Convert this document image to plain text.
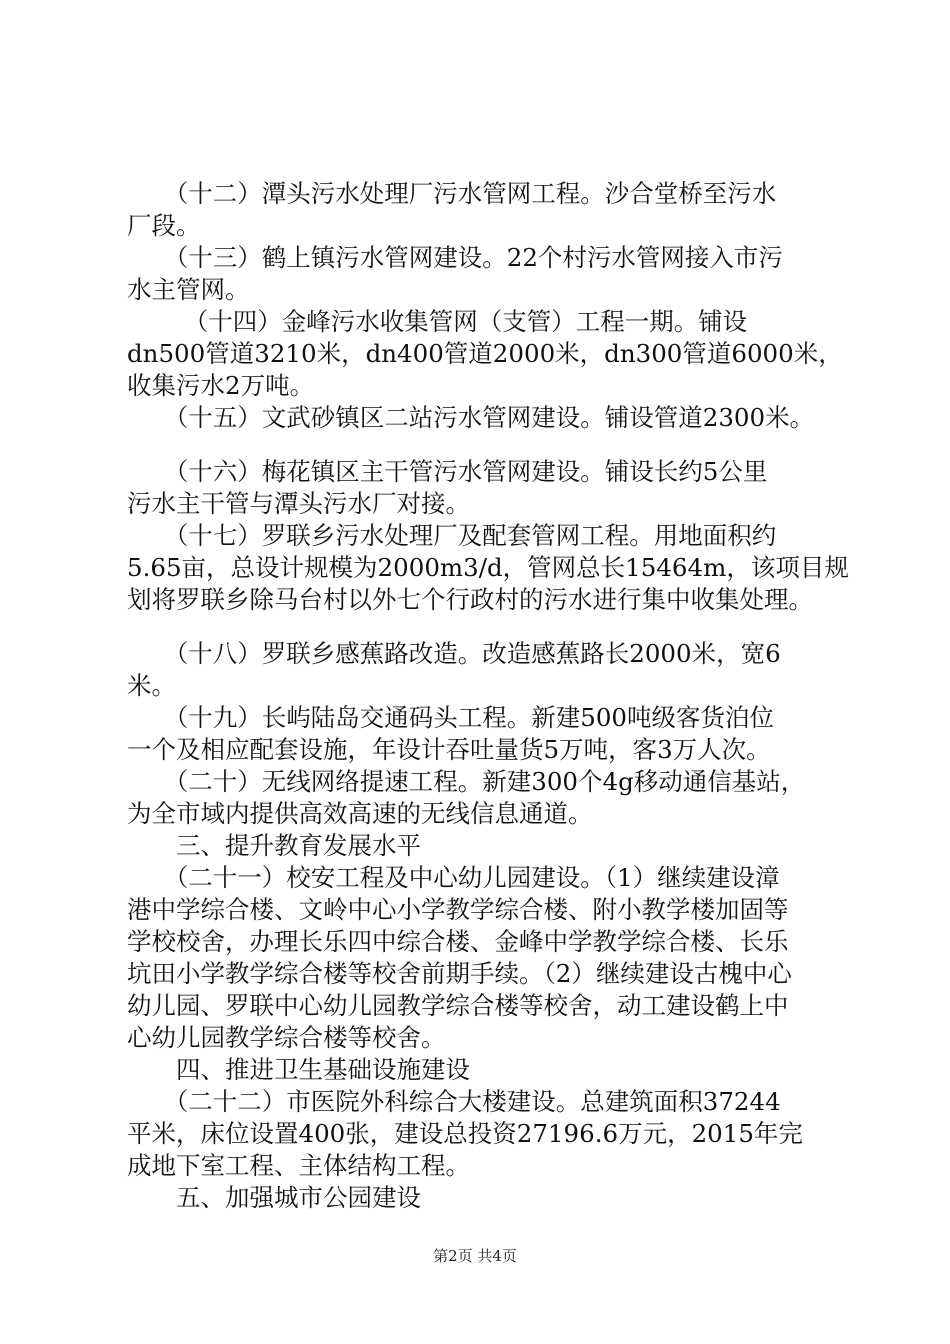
　　（十二）潭头污水处理厂污水管网工程。沙合堂桥至污水
厂段。
　　（十三）鹤上镇污水管网建设。22个村污水管网接入市污
水主管网。
　　 （十四）金峰污水收集管网（支管）工程一期。铺设
dn500管道3210米，dn400管道2000米，dn300管道6000米，
收集污水2万吨。
　　（十五）文武砂镇区二站污水管网建设。铺设管道2300米。
　　（十六）梅花镇区主干管污水管网建设。铺设长约5公里
污水主干管与潭头污水厂对接。
　　（十七）罗联乡污水处理厂及配套管网工程。用地面积约
5.65亩，总设计规模为2000m3/d，管网总长15464m，该项目规
划将罗联乡除马台村以外七个行政村的污水进行集中收集处理。
　　（十八）罗联乡感蕉路改造。改造感蕉路长2000米，宽6
米。
　　（十九）长屿陆岛交通码头工程。新建500吨级客货泊位
一个及相应配套设施，年设计吞吐量货5万吨，客3万人次。
　　（二十）无线网络提速工程。新建300个4g移动通信基站，
为全市域内提供高效高速的无线信息通道。
　　三、提升教育发展水平
　　（二十一）校安工程及中心幼儿园建设。（1）继续建设漳
港中学综合楼、文岭中心小学教学综合楼、附小教学楼加固等
学校校舍，办理长乐四中综合楼、金峰中学教学综合楼、长乐
坑田小学教学综合楼等校舍前期手续。（2）继续建设古槐中心
幼儿园、罗联中心幼儿园教学综合楼等校舍，动工建设鹤上中
心幼儿园教学综合楼等校舍。
　　四、推进卫生基础设施建设
　　（二十二）市医院外科综合大楼建设。总建筑面积37244
平米，床位设置400张，建设总投资27196.6万元，2015年完
成地下室工程、主体结构工程。
　　五、加强城市公园建设
第2页 共4页
